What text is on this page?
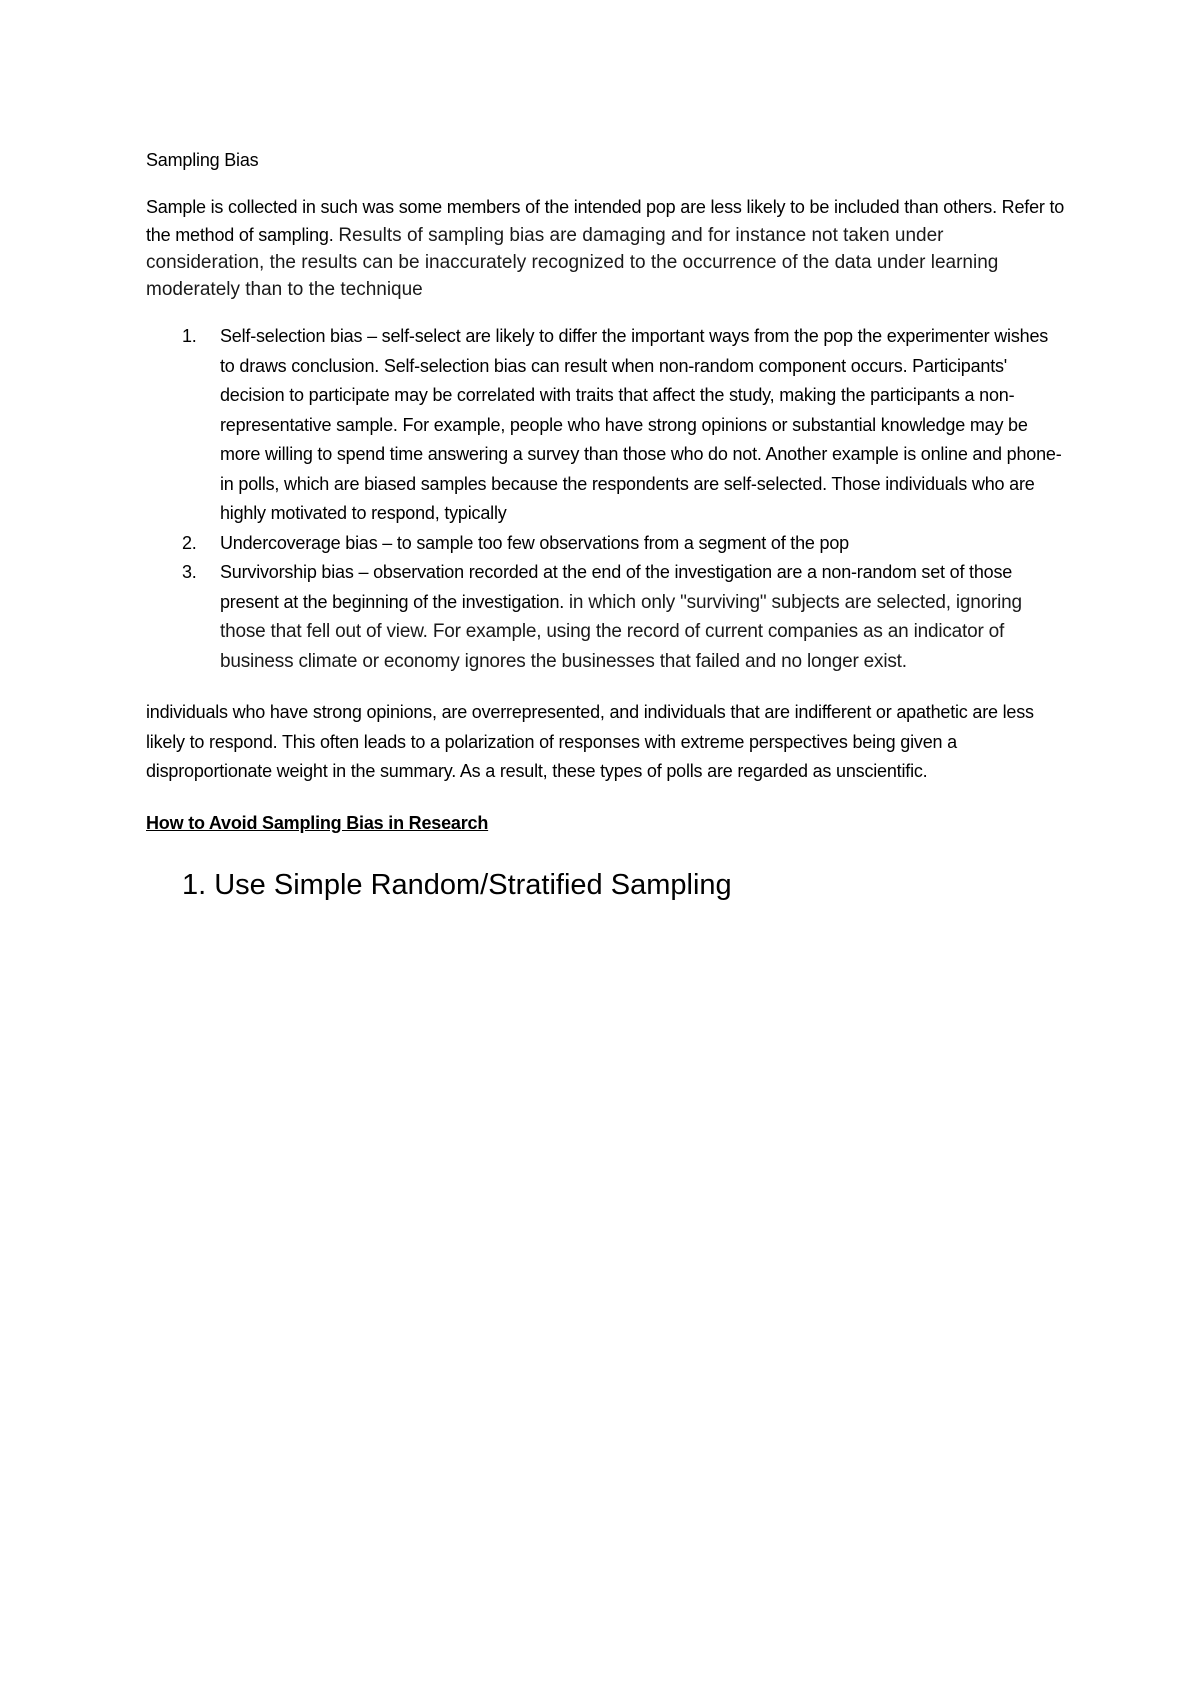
Sampling Bias

Sample is collected in such was some members of the intended pop are less likely to be included than others. Refer to the method of sampling. Results of sampling bias are damaging and for instance not taken under consideration, the results can be inaccurately recognized to the occurrence of the data under learning moderately than to the technique

1. Self-selection bias – self-select are likely to differ the important ways from the pop the experimenter wishes to draws conclusion. Self-selection bias can result when non-random component occurs. Participants' decision to participate may be correlated with traits that affect the study, making the participants a non-representative sample. For example, people who have strong opinions or substantial knowledge may be more willing to spend time answering a survey than those who do not. Another example is online and phone-in polls, which are biased samples because the respondents are self-selected. Those individuals who are highly motivated to respond, typically
2. Undercoverage bias – to sample too few observations from a segment of the pop
3. Survivorship bias – observation recorded at the end of the investigation are a non-random set of those present at the beginning of the investigation. in which only "surviving" subjects are selected, ignoring those that fell out of view. For example, using the record of current companies as an indicator of business climate or economy ignores the businesses that failed and no longer exist.

individuals who have strong opinions, are overrepresented, and individuals that are indifferent or apathetic are less likely to respond. This often leads to a polarization of responses with extreme perspectives being given a disproportionate weight in the summary. As a result, these types of polls are regarded as unscientific.

How to Avoid Sampling Bias in Research

1. Use Simple Random/Stratified Sampling
